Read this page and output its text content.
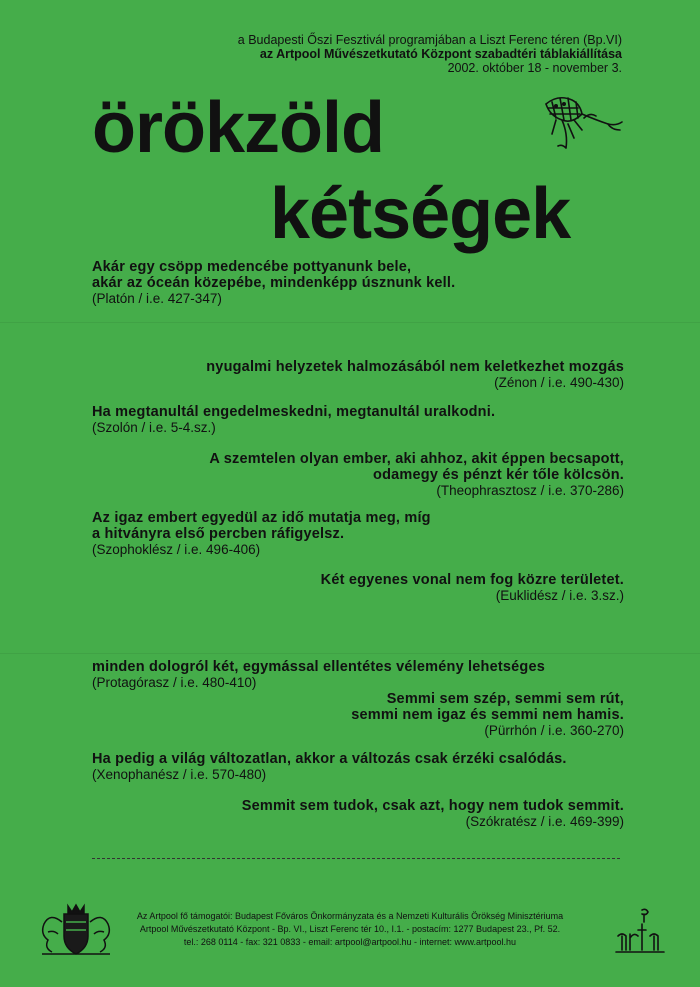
a Budapesti Őszi Fesztivál programjában a Liszt Ferenc téren (Bp.VI)
az Artpool Művészetkutató Központ szabadtéri táblakiállítása
2002. október 18 - november 3.
örökzöld
kétségek
Akár egy csöpp medencébe pottyanunk bele,
akár az óceán közepébe, mindenképp úsznunk kell.
(Platón / i.e. 427-347)
nyugalmi helyzetek halmozásából nem keletkezhet mozgás
(Zénon / i.e. 490-430)
Ha megtanultál engedelmeskedni, megtanultál uralkodni.
(Szolón / i.e. 5-4.sz.)
A szemtelen olyan ember, aki ahhoz, akit éppen becsapott,
odamegy és pénzt kér tőle kölcsön.
(Theophrasztosz / i.e. 370-286)
Az igaz embert egyedül az idő mutatja meg, míg
a hitványra első percben ráfigyelsz.
(Szophoklész / i.e. 496-406)
Két egyenes vonal nem fog közre területet.
(Euklidész / i.e. 3.sz.)
minden dologról két, egymással ellentétes vélemény lehetséges
(Protagórasz / i.e. 480-410)
Semmi sem szép, semmi sem rút,
semmi nem igaz és semmi nem hamis.
(Pürrhón / i.e. 360-270)
Ha pedig a világ változatlan, akkor a változás csak érzéki csalódás.
(Xenophanész / i.e. 570-480)
Semmit sem tudok, csak azt, hogy nem tudok semmit.
(Szókratész / i.e. 469-399)
Az Artpool fő támogatói: Budapest Főváros Önkormányzata és a Nemzeti Kulturális Örökség Minisztériuma
Artpool Művészetkutató Központ - Bp. VI., Liszt Ferenc tér 10., I.1. - postacím: 1277 Budapest 23., Pf. 52.
tel.: 268 0114 - fax: 321 0833 - email: artpool@artpool.hu - internet: www.artpool.hu
